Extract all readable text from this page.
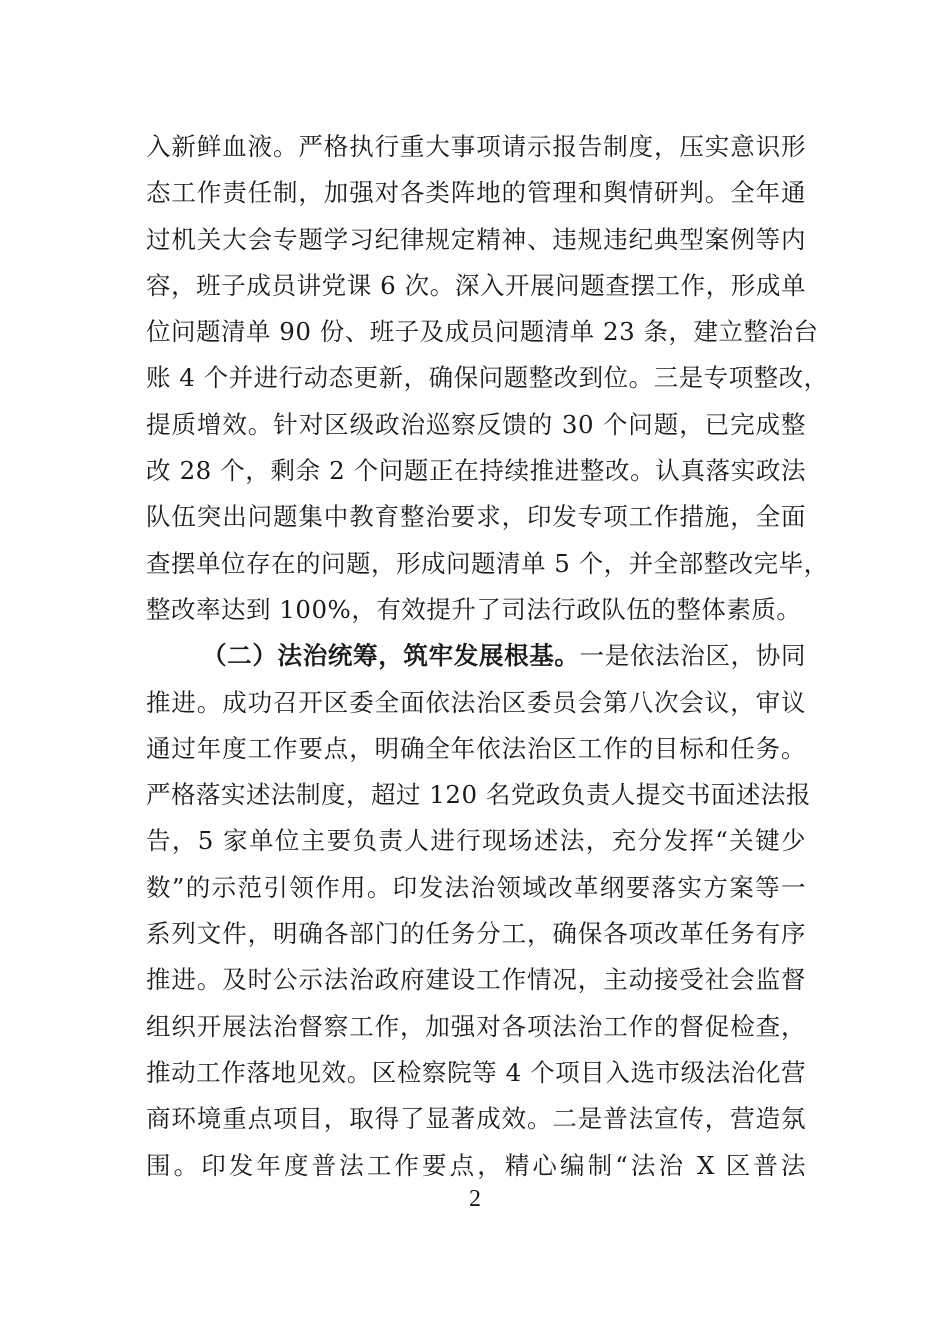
入新鲜血液。严格执行重大事项请示报告制度，压实意识形
态工作责任制，加强对各类阵地的管理和舆情研判。全年通
过机关大会专题学习纪律规定精神、违规违纪典型案例等内
容，班子成员讲党课 6 次。深入开展问题查摆工作，形成单
位问题清单 90 份、班子及成员问题清单 23 条，建立整治台
账 4 个并进行动态更新，确保问题整改到位。三是专项整改，
提质增效。针对区级政治巡察反馈的 30 个问题，已完成整
改 28 个，剩余 2 个问题正在持续推进整改。认真落实政法
队伍突出问题集中教育整治要求，印发专项工作措施，全面
查摆单位存在的问题，形成问题清单 5 个，并全部整改完毕，
整改率达到 100%，有效提升了司法行政队伍的整体素质。
（二）法治统筹，筑牢发展根基。一是依法治区，协同
推进。成功召开区委全面依法治区委员会第八次会议，审议
通过年度工作要点，明确全年依法治区工作的目标和任务。
严格落实述法制度，超过 120 名党政负责人提交书面述法报
告，5 家单位主要负责人进行现场述法，充分发挥“关键少
数”的示范引领作用。印发法治领域改革纲要落实方案等一
系列文件，明确各部门的任务分工，确保各项改革任务有序
推进。及时公示法治政府建设工作情况，主动接受社会监督
组织开展法治督察工作，加强对各项法治工作的督促检查，
推动工作落地见效。区检察院等 4 个项目入选市级法治化营
商环境重点项目，取得了显著成效。二是普法宣传，营造氛
围。印发年度普法工作要点，精心编制“法治 X 区普法
2
